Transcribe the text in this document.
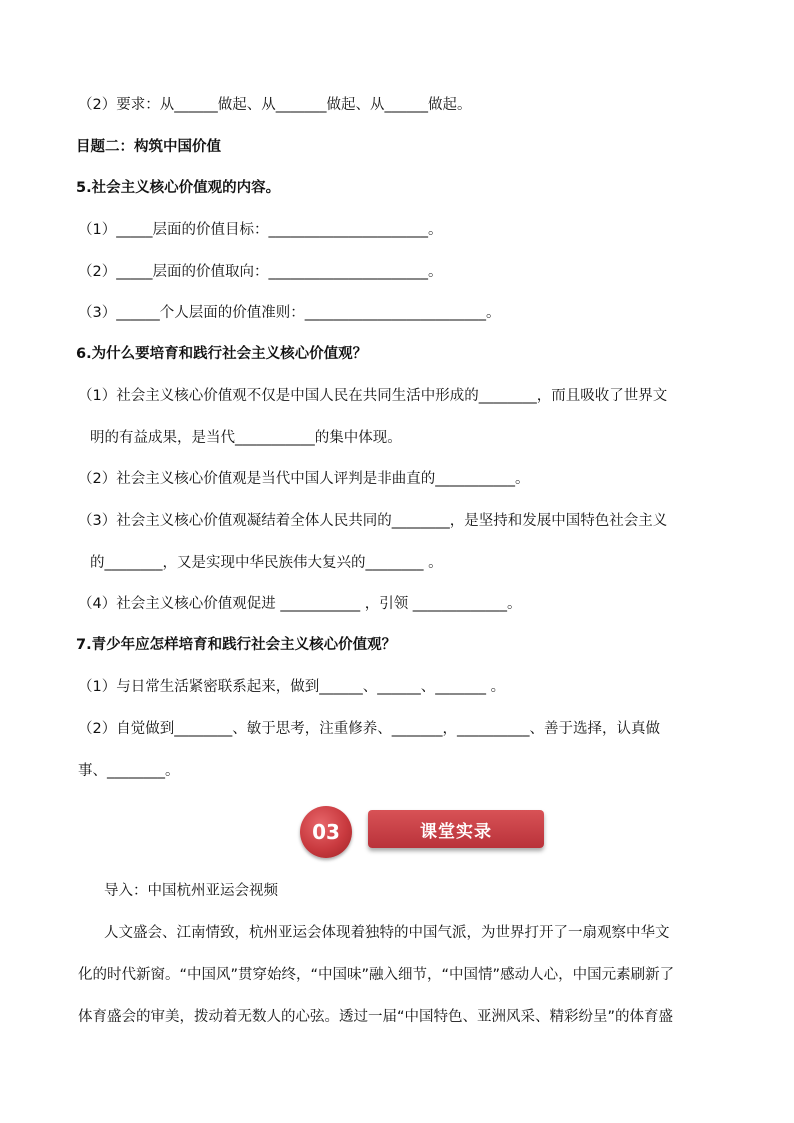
（2）要求：从______做起、从_______做起、从______做起。
目题二：构筑中国价值
5.社会主义核心价值观的内容。
（1）_____层面的价值目标：______________________。
（2）_____层面的价值取向：______________________。
（3）______个人层面的价值准则：_________________________。
6.为什么要培育和践行社会主义核心价值观？
（1）社会主义核心价值观不仅是中国人民在共同生活中形成的________，而且吸收了世界文
明的有益成果，是当代___________的集中体现。
（2）社会主义核心价值观是当代中国人评判是非曲直的___________。
（3）社会主义核心价值观凝结着全体人民共同的________，是坚持和发展中国特色社会主义
的________，又是实现中华民族伟大复兴的________ 。
（4）社会主义核心价值观促进 ___________ ，引领 _____________。
7.青少年应怎样培育和践行社会主义核心价值观？
（1）与日常生活紧密联系起来，做到______、______、_______ 。
（2）自觉做到________、敏于思考，注重修养、_______，__________、善于选择，认真做
事、________。
03	课堂实录
导入：中国杭州亚运会视频
人文盛会、江南情致，杭州亚运会体现着独特的中国气派，为世界打开了一扇观察中华文
化的时代新窗。“中国风”贯穿始终，“中国味”融入细节，“中国情”感动人心，中国元素刷新了
体育盛会的审美，拨动着无数人的心弦。透过一届“中国特色、亚洲风采、精彩纷呈”的体育盛
